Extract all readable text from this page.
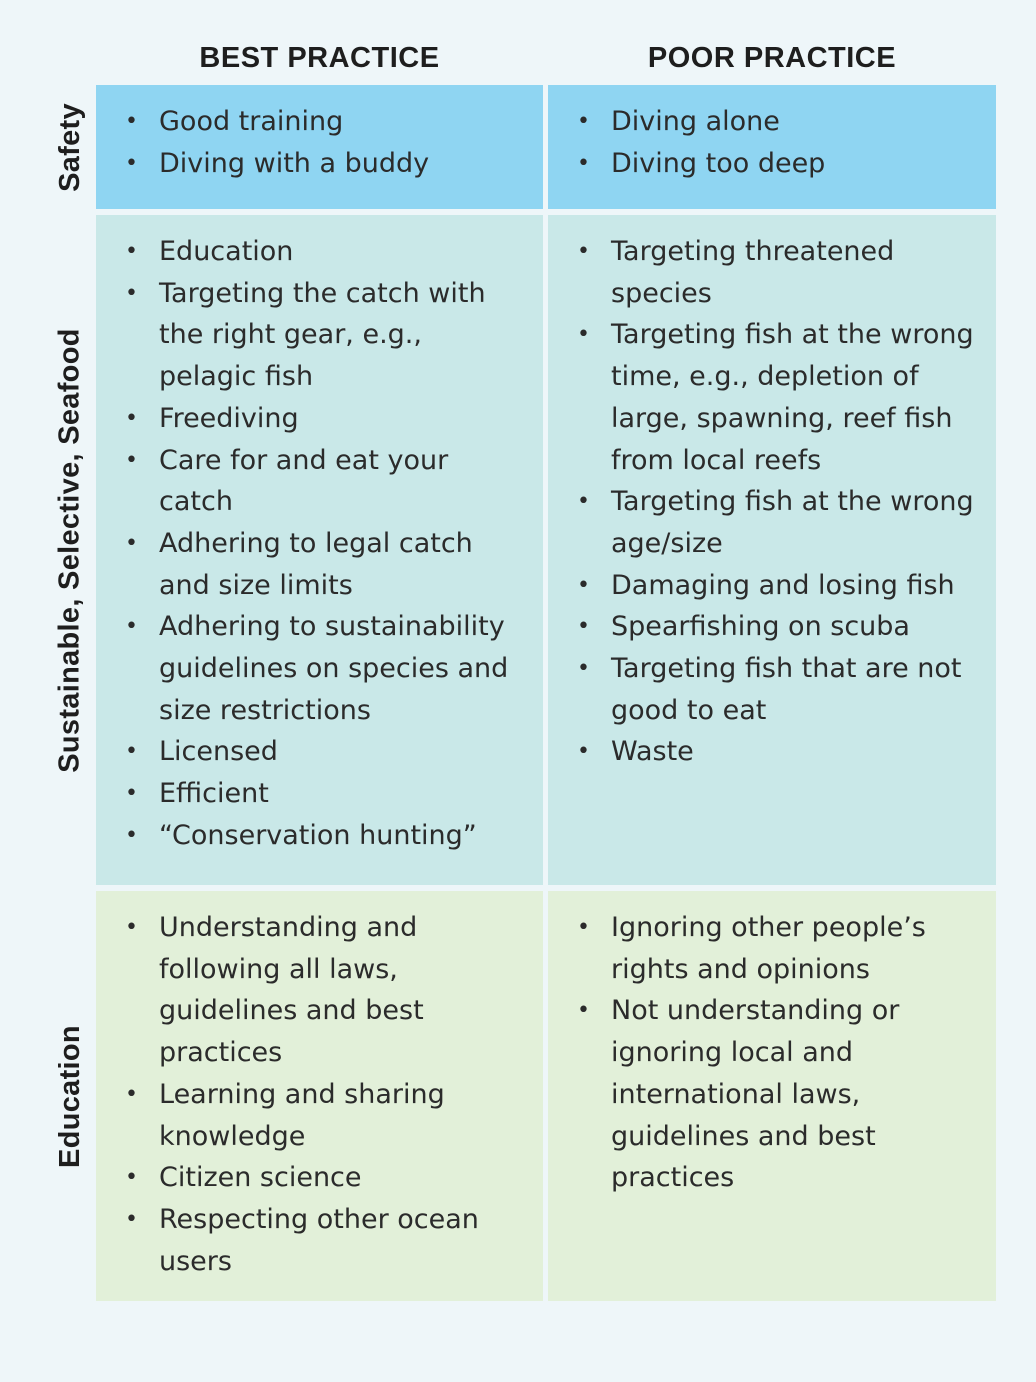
BEST PRACTICE	POOR PRACTICE
Safety
Sustainable, Selective, Seafood
Education
• Good training
• Diving with a buddy
• Diving alone
• Diving too deep
• Education
• Targeting the catch with the right gear, e.g., pelagic fish
• Freediving
• Care for and eat your catch
• Adhering to legal catch and size limits
• Adhering to sustainability guidelines on species and size restrictions
• Licensed
• Efficient
• “Conservation hunting”
• Targeting threatened species
• Targeting fish at the wrong time, e.g., depletion of large, spawning, reef fish from local reefs
• Targeting fish at the wrong age/size
• Damaging and losing fish
• Spearfishing on scuba
• Targeting fish that are not good to eat
• Waste
• Understanding and following all laws, guidelines and best practices
• Learning and sharing knowledge
• Citizen science
• Respecting other ocean users
• Ignoring other people’s rights and opinions
• Not understanding or ignoring local and international laws, guidelines and best practices
